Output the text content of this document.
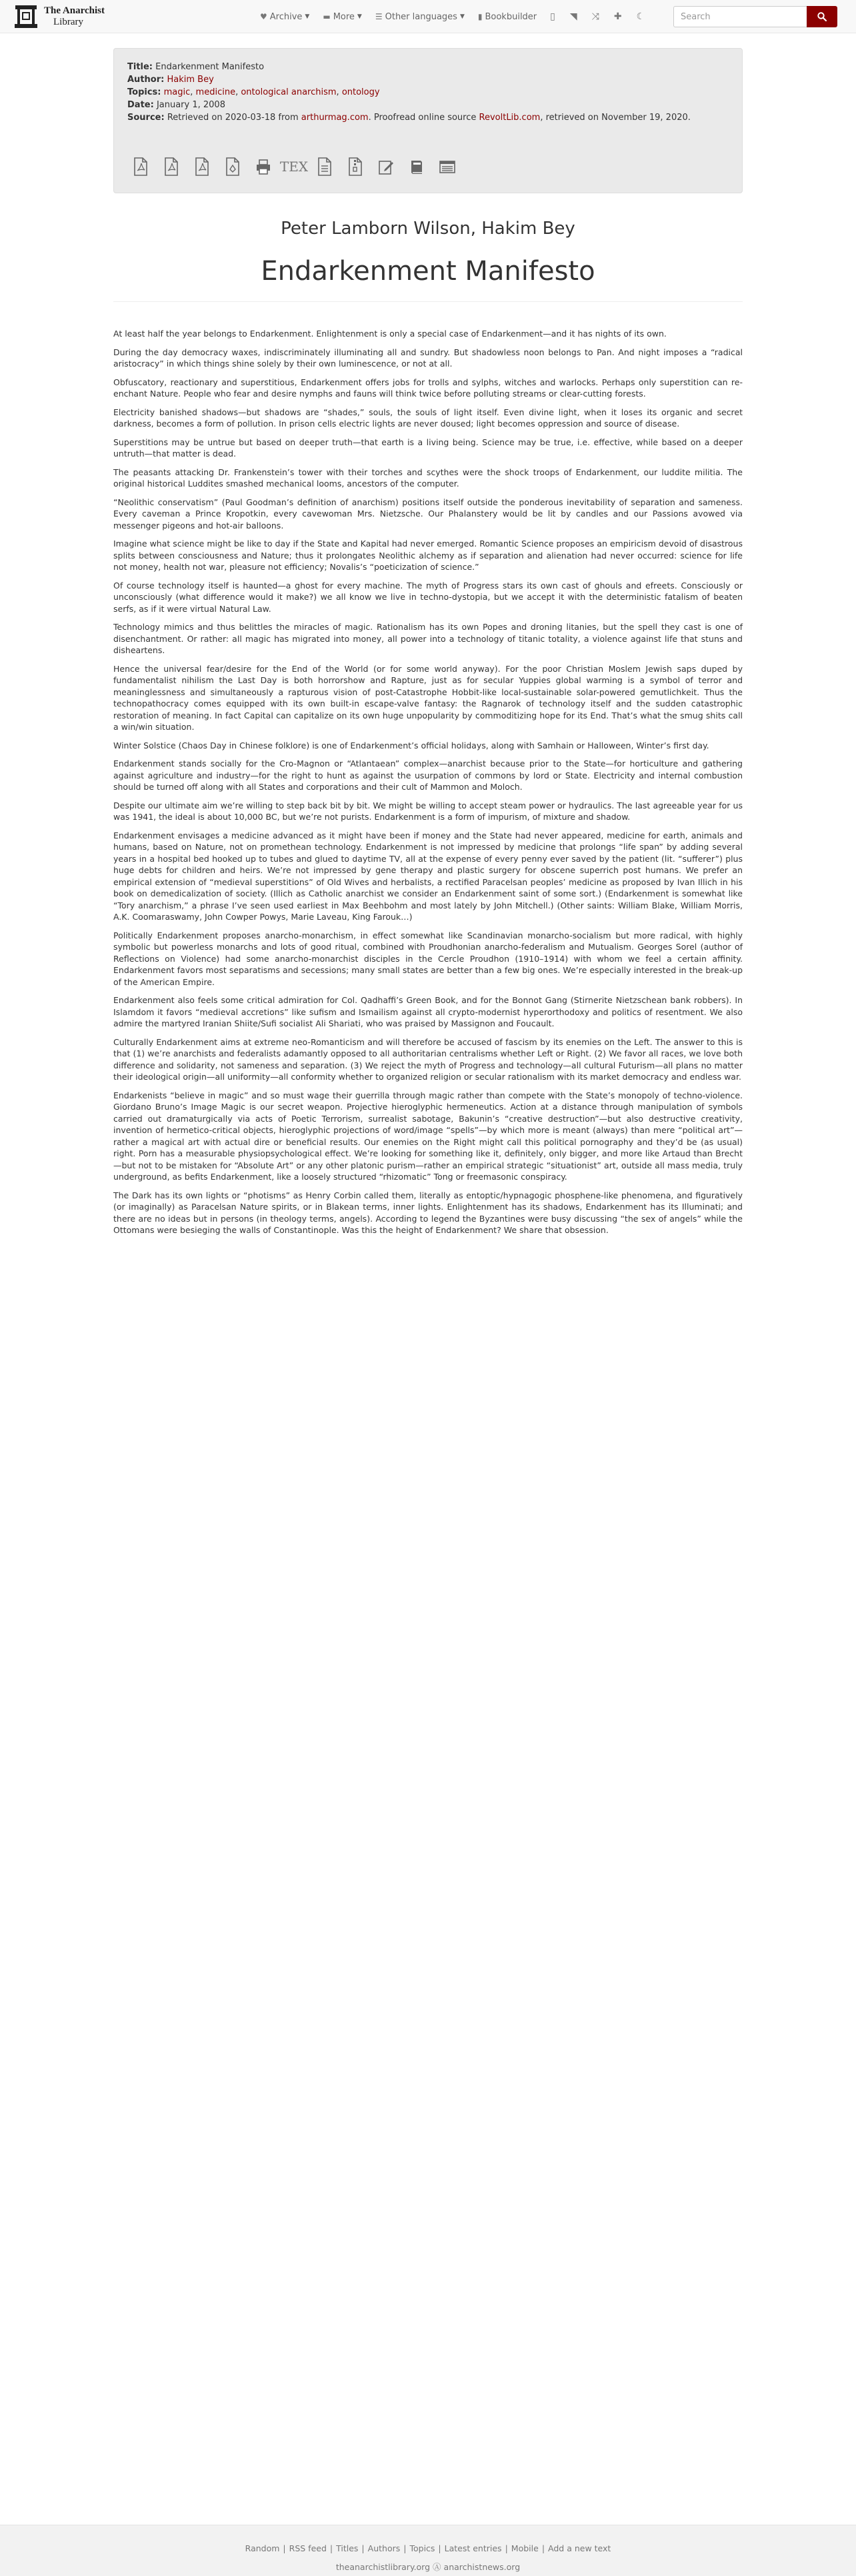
The Anarchist
Library	♥ Archive ▼ ▬ More ▼ ☰ Other languages ▼ ▮ Bookbuilder ▯ ◥ ⤨ ✚ ☾
Search
Title: Endarkenment Manifesto
Author: Hakim Bey
Topics: magic , medicine , ontological anarchism , ontology
Date: January 1, 2008
Source: Retrieved on 2020-03-18 from arthurmag.com. Proofread online source RevoltLib.com, retrieved on November 19, 2020.
TEX
Peter Lamborn Wilson, Hakim Bey
Endarkenment Manifesto

At least half the year belongs to Endarkenment. Enlightenment is only a special case of Endarkenment—and it has nights of its own.

During the day democracy waxes, indiscriminately illuminating all and sundry. But shadowless noon belongs to Pan. And night imposes a “radical aristocracy” in which things shine solely by their own luminescence, or not at all.

Obfuscatory, reactionary and superstitious, Endarkenment offers jobs for trolls and sylphs, witches and warlocks. Perhaps only superstition can re-enchant Nature. People who fear and desire nymphs and fauns will think twice before polluting streams or clear-cutting forests.

Electricity banished shadows—but shadows are “shades,” souls, the souls of light itself. Even divine light, when it loses its organic and secret darkness, becomes a form of pollution. In prison cells electric lights are never doused; light becomes oppression and source of disease.

Superstitions may be untrue but based on deeper truth—that earth is a living being. Science may be true, i.e. effective, while based on a deeper untruth—that matter is dead.

The peasants attacking Dr. Frankenstein’s tower with their torches and scythes were the shock troops of Endarkenment, our luddite militia. The original historical Luddites smashed mechanical looms, ancestors of the computer.

“Neolithic conservatism” (Paul Goodman’s definition of anarchism) positions itself outside the ponderous inevitability of separation and sameness. Every caveman a Prince Kropotkin, every cavewoman Mrs. Nietzsche. Our Phalanstery would be lit by candles and our Passions avowed via messenger pigeons and hot-air balloons.

Imagine what science might be like to day if the State and Kapital had never emerged. Romantic Science proposes an empiricism devoid of disastrous splits between consciousness and Nature; thus it prolongates Neolithic alchemy as if separation and alienation had never occurred: science for life not money, health not war, pleasure not efficiency; Novalis’s “poeticization of science.”

Of course technology itself is haunted—a ghost for every machine. The myth of Progress stars its own cast of ghouls and efreets. Consciously or unconsciously (what difference would it make?) we all know we live in techno-dystopia, but we accept it with the deterministic fatalism of beaten serfs, as if it were virtual Natural Law.

Technology mimics and thus belittles the miracles of magic. Rationalism has its own Popes and droning litanies, but the spell they cast is one of disenchantment. Or rather: all magic has migrated into money, all power into a technology of titanic totality, a violence against life that stuns and disheartens.

Hence the universal fear/desire for the End of the World (or for some world anyway). For the poor Christian Moslem Jewish saps duped by fundamentalist nihilism the Last Day is both horrorshow and Rapture, just as for secular Yuppies global warming is a symbol of terror and meaninglessness and simultaneously a rapturous vision of post-Catastrophe Hobbit-like local-sustainable solar-powered gemutlichkeit. Thus the technopathocracy comes equipped with its own built-in escape-valve fantasy: the Ragnarok of technology itself and the sudden catastrophic restoration of meaning. In fact Capital can capitalize on its own huge unpopularity by commoditizing hope for its End. That’s what the smug shits call a win/win situation.

Winter Solstice (Chaos Day in Chinese folklore) is one of Endarkenment’s official holidays, along with Samhain or Halloween, Winter’s first day.

Endarkenment stands socially for the Cro-Magnon or “Atlantaean” complex—anarchist because prior to the State—for horticulture and gathering against agriculture and industry—for the right to hunt as against the usurpation of commons by lord or State. Electricity and internal combustion should be turned off along with all States and corporations and their cult of Mammon and Moloch.

Despite our ultimate aim we’re willing to step back bit by bit. We might be willing to accept steam power or hydraulics. The last agreeable year for us was 1941, the ideal is about 10,000 BC, but we’re not purists. Endarkenment is a form of impurism, of mixture and shadow.

Endarkenment envisages a medicine advanced as it might have been if money and the State had never appeared, medicine for earth, animals and humans, based on Nature, not on promethean technology. Endarkenment is not impressed by medicine that prolongs “life span” by adding several years in a hospital bed hooked up to tubes and glued to daytime TV, all at the expense of every penny ever saved by the patient (lit. “sufferer”) plus huge debts for children and heirs. We’re not impressed by gene therapy and plastic surgery for obscene superrich post humans. We prefer an empirical extension of “medieval superstitions” of Old Wives and herbalists, a rectified Paracelsan peoples’ medicine as proposed by Ivan Illich in his book on demedicalization of society. (Illich as Catholic anarchist we consider an Endarkenment saint of some sort.) (Endarkenment is somewhat like “Tory anarchism,” a phrase I’ve seen used earliest in Max Beehbohm and most lately by John Mitchell.) (Other saints: William Blake, William Morris, A.K. Coomaraswamy, John Cowper Powys, Marie Laveau, King Farouk…)

Politically Endarkenment proposes anarcho-monarchism, in effect somewhat like Scandinavian monarcho-socialism but more radical, with highly symbolic but powerless monarchs and lots of good ritual, combined with Proudhonian anarcho-federalism and Mutualism. Georges Sorel (author of Reflections on Violence) had some anarcho-monarchist disciples in the Cercle Proudhon (1910–1914) with whom we feel a certain affinity. Endarkenment favors most separatisms and secessions; many small states are better than a few big ones. We’re especially interested in the break-up of the American Empire.

Endarkenment also feels some critical admiration for Col. Qadhaffi’s Green Book, and for the Bonnot Gang (Stirnerite Nietzschean bank robbers). In Islamdom it favors “medieval accretions” like sufism and Ismailism against all crypto-modernist hyperorthodoxy and politics of resentment. We also admire the martyred Iranian Shiite/Sufi socialist Ali Shariati, who was praised by Massignon and Foucault.

Culturally Endarkenment aims at extreme neo-Romanticism and will therefore be accused of fascism by its enemies on the Left. The answer to this is that (1) we’re anarchists and federalists adamantly opposed to all authoritarian centralisms whether Left or Right. (2) We favor all races, we love both difference and solidarity, not sameness and separation. (3) We reject the myth of Progress and technology—all cultural Futurism—all plans no matter their ideological origin—all uniformity—all conformity whether to organized religion or secular rationalism with its market democracy and endless war.

Endarkenists “believe in magic” and so must wage their guerrilla through magic rather than compete with the State’s monopoly of techno-violence. Giordano Bruno’s Image Magic is our secret weapon. Projective hieroglyphic hermeneutics. Action at a distance through manipulation of symbols carried out dramaturgically via acts of Poetic Terrorism, surrealist sabotage, Bakunin’s “creative destruction”—but also destructive creativity, invention of hermetico-critical objects, hieroglyphic projections of word/image “spells”—by which more is meant (always) than mere “political art”—rather a magical art with actual dire or beneficial results. Our enemies on the Right might call this political pornography and they’d be (as usual) right. Porn has a measurable physiopsychological effect. We’re looking for something like it, definitely, only bigger, and more like Artaud than Brecht—but not to be mistaken for “Absolute Art” or any other platonic purism—rather an empirical strategic “situationist” art, outside all mass media, truly underground, as befits Endarkenment, like a loosely structured “rhizomatic” Tong or freemasonic conspiracy.

The Dark has its own lights or “photisms” as Henry Corbin called them, literally as entoptic/hypnagogic phosphene-like phenomena, and figuratively (or imaginally) as Paracelsan Nature spirits, or in Blakean terms, inner lights. Enlightenment has its shadows, Endarkenment has its Illuminati; and there are no ideas but in persons (in theology terms, angels). According to legend the Byzantines were busy discussing “the sex of angels” while the Ottomans were besieging the walls of Constantinople. Was this the height of Endarkenment? We share that obsession.

Random | RSS feed | Titles | Authors | Topics | Latest entries | Mobile | Add a new text
theanarchistlibrary.org Ⓐ anarchistnews.org
